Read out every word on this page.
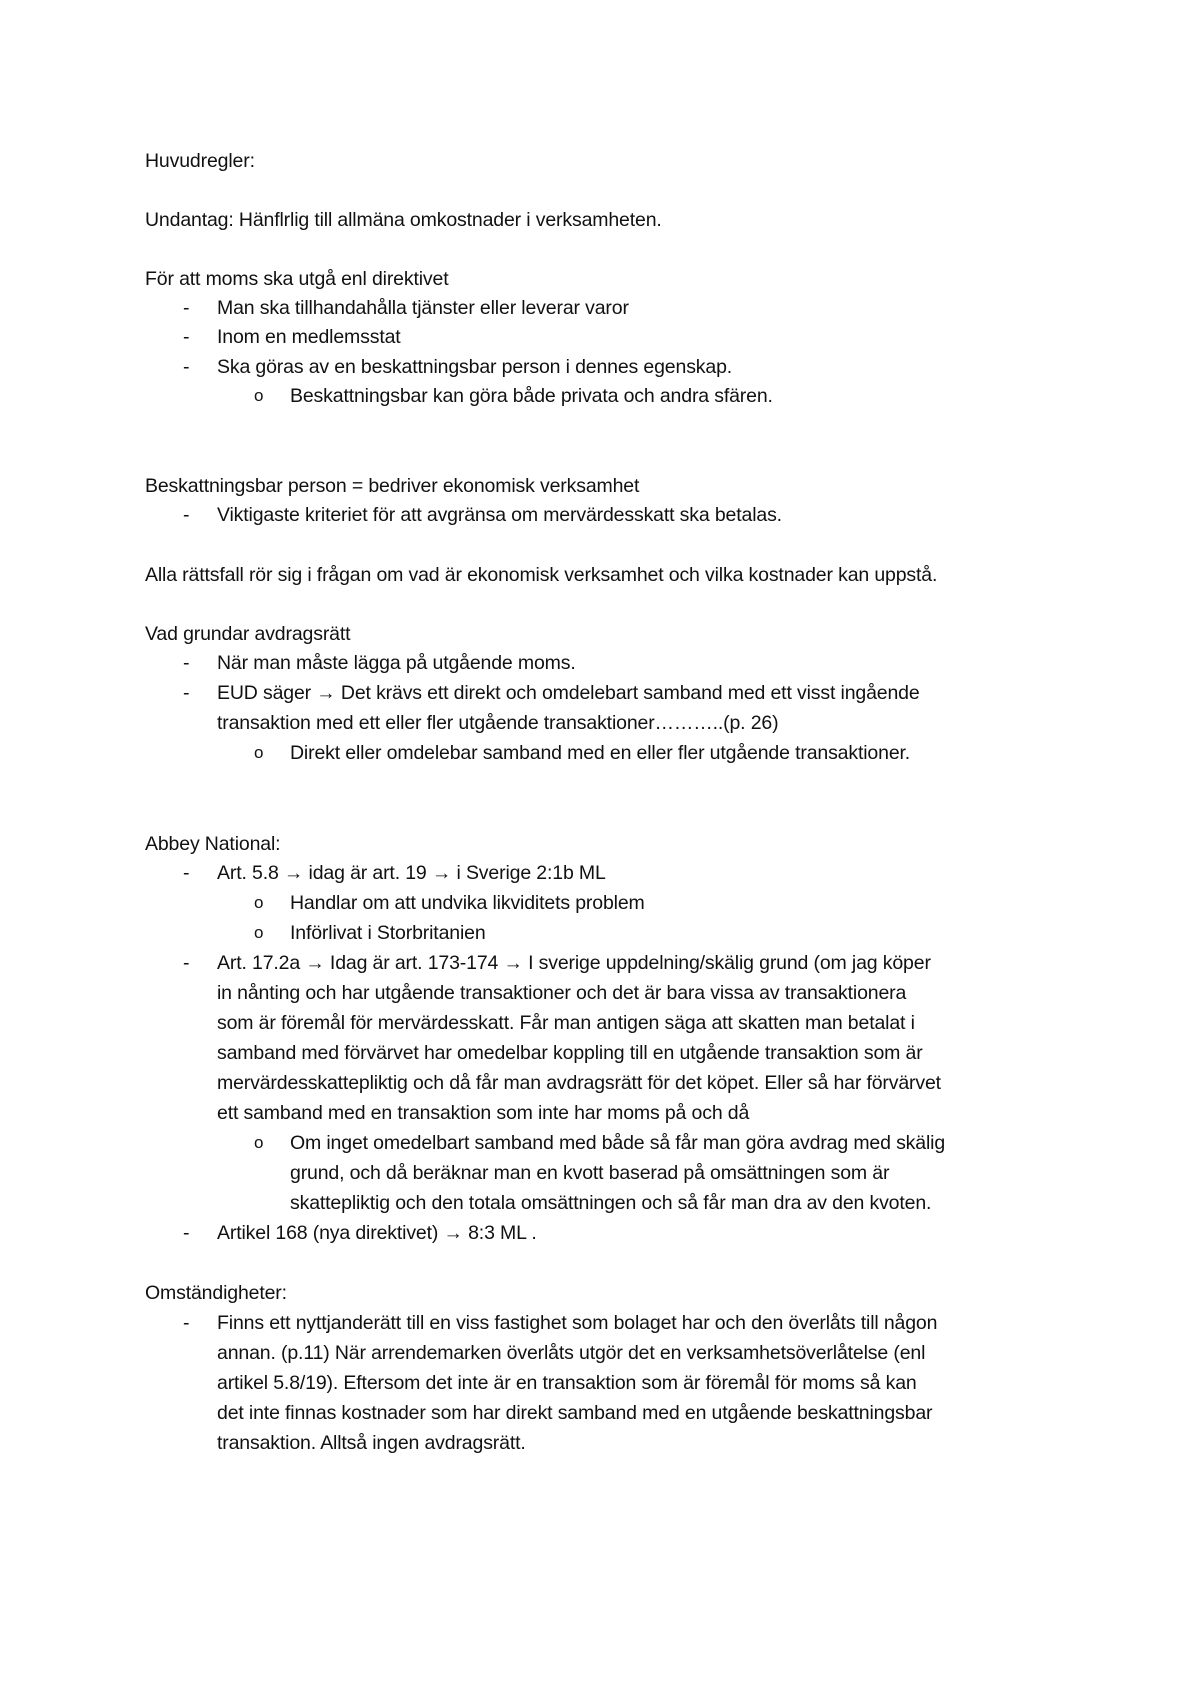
Huvudregler:
Undantag: Hänflrlig till allmäna omkostnader i verksamheten.
För att moms ska utgå enl direktivet
- Man ska tillhandahålla tjänster eller leverar varor
- Inom en medlemsstat
- Ska göras av en beskattningsbar person i dennes egenskap.
o Beskattningsbar kan göra både privata och andra sfären.
Beskattningsbar person = bedriver ekonomisk verksamhet
- Viktigaste kriteriet för att avgränsa om mervärdesskatt ska betalas.
Alla rättsfall rör sig i frågan om vad är ekonomisk verksamhet och vilka kostnader kan uppstå.
Vad grundar avdragsrätt
- När man måste lägga på utgående moms.
- EUD säger → Det krävs ett direkt och omdelebart samband med ett visst ingående
transaktion med ett eller fler utgående transaktioner………..(p. 26)
o Direkt eller omdelebar samband med en eller fler utgående transaktioner.
Abbey National:
- Art. 5.8 → idag är art. 19 → i Sverige 2:1b ML
o Handlar om att undvika likviditets problem
o Införlivat i Storbritanien
- Art. 17.2a → Idag är art. 173-174 → I sverige uppdelning/skälig grund (om jag köper
in nånting och har utgående transaktioner och det är bara vissa av transaktionera
som är föremål för mervärdesskatt. Får man antigen säga att skatten man betalat i
samband med förvärvet har omedelbar koppling till en utgående transaktion som är
mervärdesskattepliktig och då får man avdragsrätt för det köpet. Eller så har förvärvet
ett samband med en transaktion som inte har moms på och då
o Om inget omedelbart samband med både så får man göra avdrag med skälig
grund, och då beräknar man en kvott baserad på omsättningen som är
skattepliktig och den totala omsättningen och så får man dra av den kvoten.
- Artikel 168 (nya direktivet) → 8:3 ML .
Omständigheter:
- Finns ett nyttjanderätt till en viss fastighet som bolaget har och den överlåts till någon
annan. (p.11) När arrendemarken överlåts utgör det en verksamhetsöverlåtelse (enl
artikel 5.8/19). Eftersom det inte är en transaktion som är föremål för moms så kan
det inte finnas kostnader som har direkt samband med en utgående beskattningsbar
transaktion. Alltså ingen avdragsrätt.
